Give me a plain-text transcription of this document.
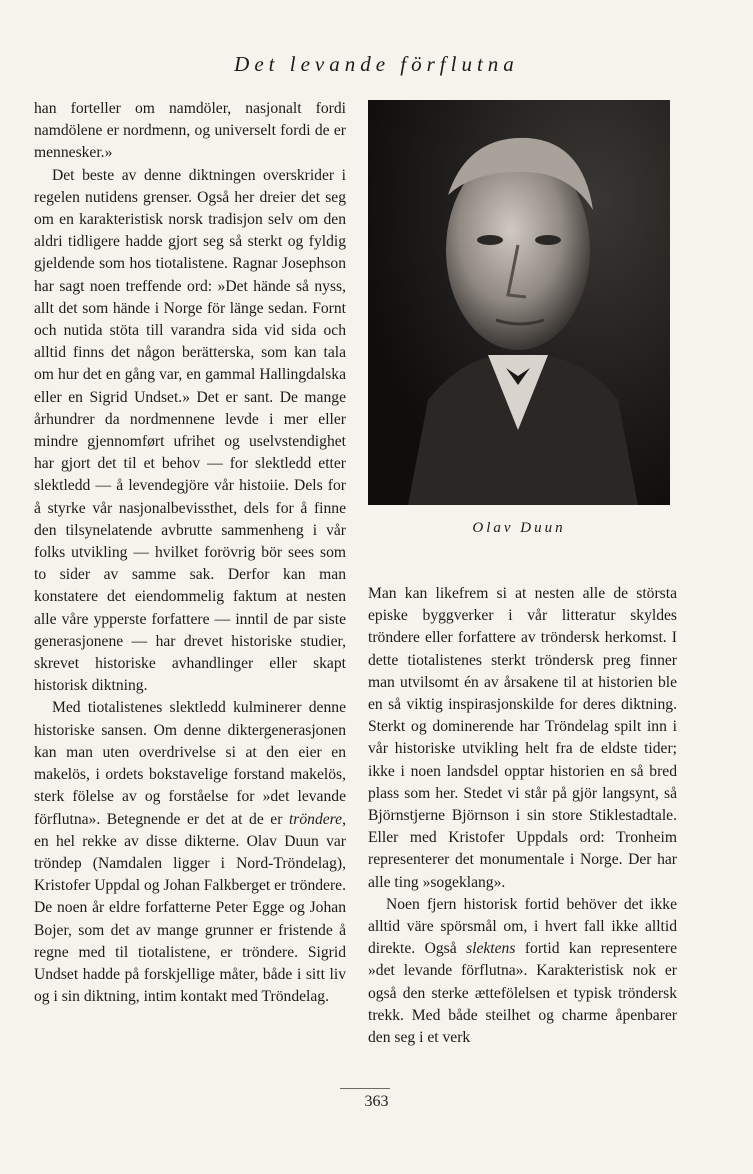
Det levande förflutna

han forteller om namdöler, nasjonalt fordi namdölene er nordmenn, og universelt fordi de er mennesker.»

Det beste av denne diktningen overskrider i regelen nutidens grenser. Også her dreier det seg om en karakteristisk norsk tradisjon selv om den aldri tidligere hadde gjort seg så sterkt og fyldig gjeldende som hos tiotalistene. Ragnar Josephson har sagt noen treffende ord: »Det hände så nyss, allt det som hände i Norge för länge sedan. Fornt och nutida stöta till varandra sida vid sida och alltid finns det någon berätterska, som kan tala om hur det en gång var, en gammal Hallingdalska eller en Sigrid Undset.» Det er sant. De mange århundrer da nordmennene levde i mer eller mindre gjennomført ufrihet og uselvstendighet har gjort det til et behov — for slektledd etter slektledd — å levendegjöre vår histoiie. Dels for å styrke vår nasjonalbevissthet, dels for å finne den tilsynelatende avbrutte sammenheng i vår folks utvikling — hvilket forövrig bör sees som to sider av samme sak. Derfor kan man konstatere det eiendommelig faktum at nesten alle våre ypperste forfattere — inntil de par siste generasjonene — har drevet historiske studier, skrevet historiske avhandlinger eller skapt historisk diktning.

Med tiotalistenes slektledd kulminerer denne historiske sansen. Om denne diktergenerasjonen kan man uten overdrivelse si at den eier en makelös, i ordets bokstavelige forstand makelös, sterk fölelse av og forståelse for »det levande förflutna». Betegnende er det at de er tröndere, en hel rekke av disse dikterne. Olav Duun var tröndер (Namdalen ligger i Nord-Tröndelag), Kristofer Uppdal og Johan Falkberget er tröndere. De noen år eldre forfatterne Peter Egge og Johan Bojer, som det av mange grunner er fristende å regne med til tiotalistene, er tröndere. Sigrid Undset hadde på forskjellige måter, både i sitt liv og i sin diktning, intim kontakt med Tröndelag.

Olav Duun

Man kan likefrem si at nesten alle de största episke byggverker i vår litteratur skyldes tröndere eller forfattere av tröndersk herkomst. I dette tiotalistenes sterkt tröndersk preg finner man utvilsomt én av årsakene til at historien ble en så viktig inspirasjonskilde for deres diktning. Sterkt og dominerende har Tröndelag spilt inn i vår historiske utvikling helt fra de eldste tider; ikke i noen landsdel opptar historien en så bred plass som her. Stedet vi står på gjör langsynt, så Björnstjerne Björnson i sin store Stiklestadtale. Eller med Kristofer Uppdals ord: Tronheim representerer det monumentale i Norge. Der har alle ting »sogeklang».

Noen fjern historisk fortid behöver det ikke alltid väre spörsmål om, i hvert fall ikke alltid direkte. Også slektens fortid kan representere »det levande förflutna». Karakteristisk nok er også den sterke ættefölelsen et typisk tröndersk trekk. Med både steilhet og charme åpenbarer den seg i et verk

363
